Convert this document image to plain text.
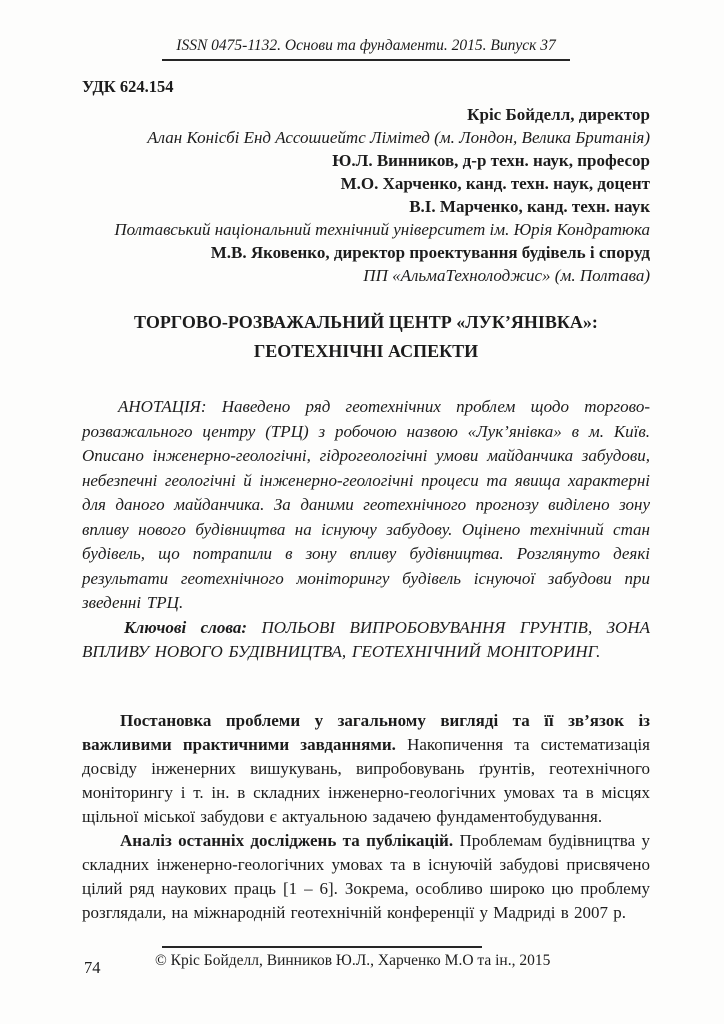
ISSN 0475-1132. Основи та фундаменти. 2015. Випуск 37
УДК 624.154
Кріс Бойделл, директор
Алан Конісбі Енд Ассошиейтс Лімітед (м. Лондон, Велика Британія)
Ю.Л. Винников, д-р техн. наук, професор
М.О. Харченко, канд. техн. наук, доцент
В.І. Марченко, канд. техн. наук
Полтавський національний технічний університет ім. Юрія Кондратюка
М.В. Яковенко, директор проектування будівель і споруд
ПП «АльмаТехнолоджис» (м. Полтава)
ТОРГОВО-РОЗВАЖАЛЬНИЙ ЦЕНТР «ЛУК’ЯНІВКА»:
ГЕОТЕХНІЧНІ АСПЕКТИ

АНОТАЦІЯ: Наведено ряд геотехнічних проблем щодо торгово-розважального центру (ТРЦ) з робочою назвою «Лук’янівка» в м. Київ. Описано інженерно-геологічні, гідрогеологічні умови майданчика забудови, небезпечні геологічні й інженерно-геологічні процеси та явища характерні для даного майданчика. За даними геотехнічного прогнозу виділено зону впливу нового будівництва на існуючу забудову. Оцінено технічний стан будівель, що потрапили в зону впливу будівництва. Розглянуто деякі результати геотехнічного моніторингу будівель існуючої забудови при зведенні ТРЦ.

Ключові слова: ПОЛЬОВІ ВИПРОБОВУВАННЯ ГРУНТІВ, ЗОНА ВПЛИВУ НОВОГО БУДІВНИЦТВА, ГЕОТЕХНІЧНИЙ МОНІТОРИНГ.

Постановка проблеми у загальному вигляді та її зв’язок із важливими практичними завданнями. Накопичення та систематизація досвіду інженерних вишукувань, випробовувань ґрунтів, геотехнічного моніторингу і т. ін. в складних інженерно-геологічних умовах та в місцях щільної міської забудови є актуальною задачею фундаментобудування.

Аналіз останніх досліджень та публікацій. Проблемам будівництва у складних інженерно-геологічних умовах та в існуючій забудові присвячено цілий ряд наукових праць [1 – 6]. Зокрема, особливо широко цю проблему розглядали, на міжнародній геотехнічній конференції у Мадриді в 2007 р.

© Кріс Бойделл, Винников Ю.Л., Харченко М.О та ін., 2015
74
